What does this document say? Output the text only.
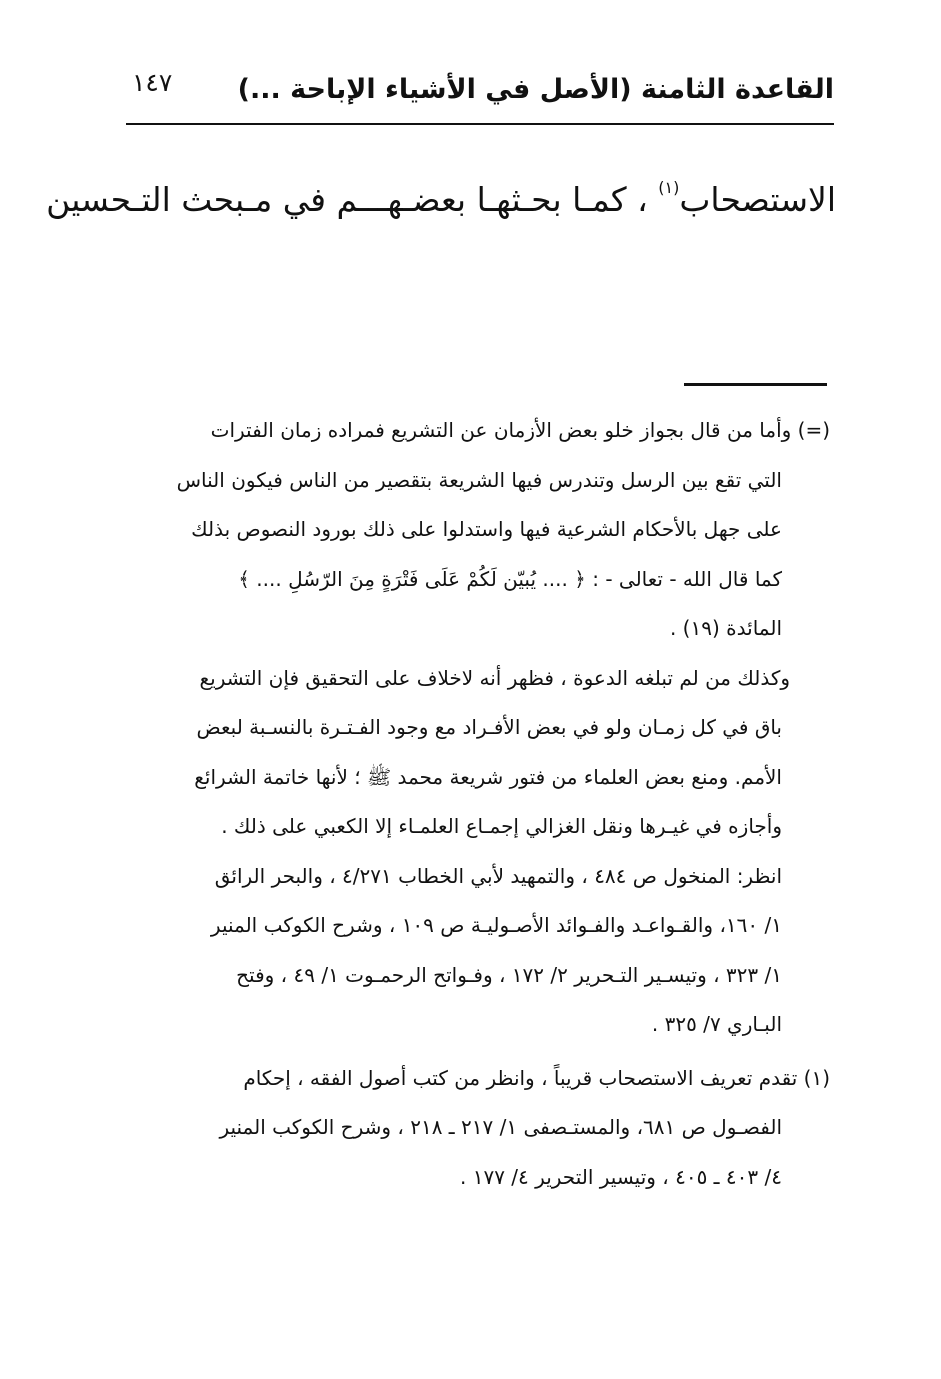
القاعدة الثامنة (الأصل في الأشياء الإباحة ...)
١٤٧
الاستصحاب$^{(١)}$ ، كمـا بحـثهـا بعضـهـــم في مـبحث التـحسين
(=) وأما من قال بجواز خلو بعض الأزمان عن التشريع فمراده زمان الفترات
التي تقع بين الرسل وتندرس فيها الشريعة بتقصير من الناس فيكون الناس
على جهل بالأحكام الشرعية فيها واستدلوا على ذلك بورود النصوص بذلك
كما قال الله - تعالى - : ﴿ .... يُبيّن لَكُمْ عَلَى فَتْرَةٍ مِنَ الرّسُلِ .... ﴾
المائدة (١٩) .
وكذلك من لم تبلغه الدعوة ، فظهر أنه لاخلاف على التحقيق فإن التشريع
باق في كل زمـان ولو في بعض الأفـراد مع وجود الفـتـرة بالنسـبة لبعض
الأمم. ومنع بعض العلماء من فتور شريعة محمد ﷺ ؛ لأنها خاتمة الشرائع
وأجازه في غيـرها ونقل الغزالي إجمـاع العلمـاء إلا الكعبي على ذلك .
انظر: المنخول ص ٤٨٤ ، والتمهيد لأبي الخطاب ٤/٢٧١ ، والبحر الرائق
١/ ١٦٠، والقـواعـد والفـوائد الأصـوليـة ص ١٠٩ ، وشرح الكوكب المنير
١/ ٣٢٣ ، وتيسـير التـحرير ٢/ ١٧٢ ، وفـواتح الرحمـوت ١/ ٤٩ ، وفتح
البـاري ٧/ ٣٢٥ .
(١) تقدم تعريف الاستصحاب قريباً ، وانظر من كتب أصول الفقه ، إحكام
الفصـول ص ٦٨١، والمستـصفى ١/ ٢١٧ ـ ٢١٨ ، وشرح الكوكب المنير
٤/ ٤٠٣ ـ ٤٠٥ ، وتيسير التحرير ٤/ ١٧٧ .
